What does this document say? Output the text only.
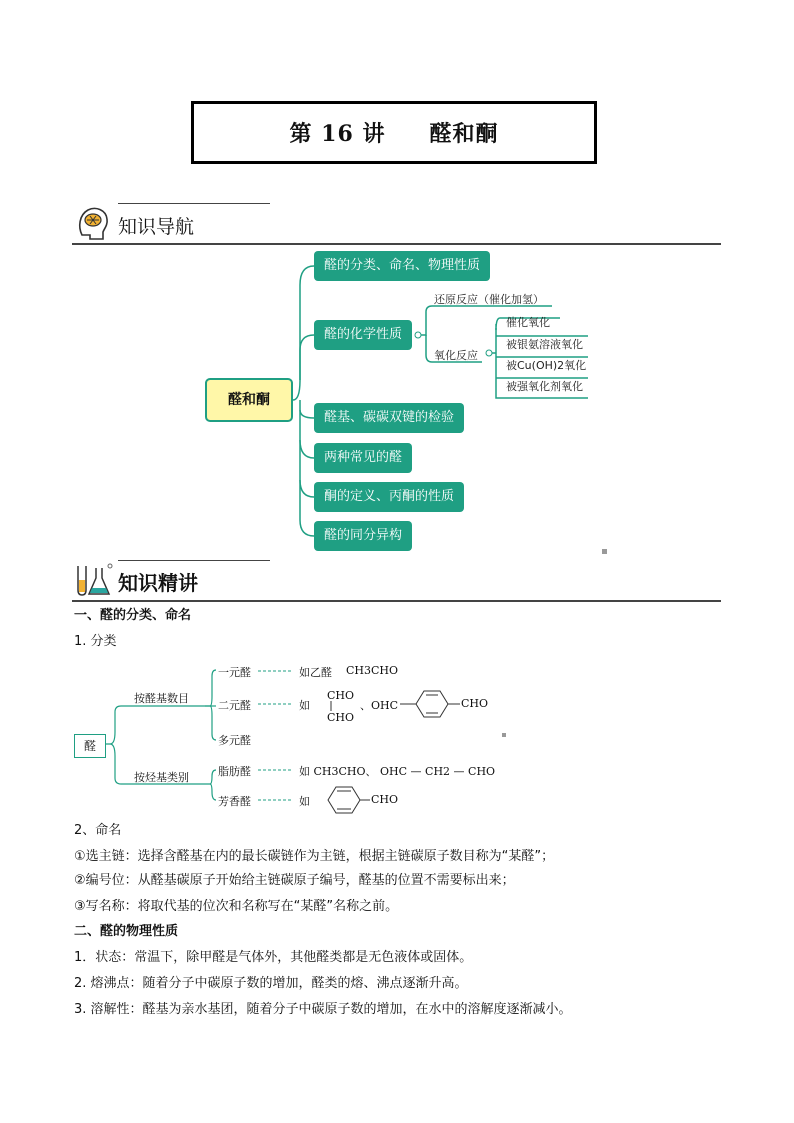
第 16 讲 醛和酮
知识导航
醛和酮
醛的分类、命名、物理性质
醛的化学性质
醛基、碳碳双键的检验
两种常见的醛
酮的定义、丙酮的性质
醛的同分异构
还原反应（催化加氢）
氧化反应
催化氧化
被银氨溶液氧化
被Cu(OH)2氧化
被强氧化剂氧化
知识精讲
一、醛的分类、命名
1. 分类
醛
按醛基数目
按烃基类别
一元醛	如乙醛 CH3CHO
二元醛	如
CHO
CHO
、OHC	CHO
多元醛
脂肪醛	如 CH3CHO、 OHC — CH2 — CHO
芳香醛	如	CHO
2、命名
①选主链：选择含醛基在内的最长碳链作为主链，根据主链碳原子数目称为“某醛”；
②编号位：从醛基碳原子开始给主链碳原子编号，醛基的位置不需要标出来；
③写名称：将取代基的位次和名称写在“某醛”名称之前。
二、醛的物理性质
1．状态：常温下，除甲醛是气体外，其他醛类都是无色液体或固体。
2. 熔沸点：随着分子中碳原子数的增加，醛类的熔、沸点逐渐升高。
3. 溶解性：醛基为亲水基团，随着分子中碳原子数的增加，在水中的溶解度逐渐减小。
